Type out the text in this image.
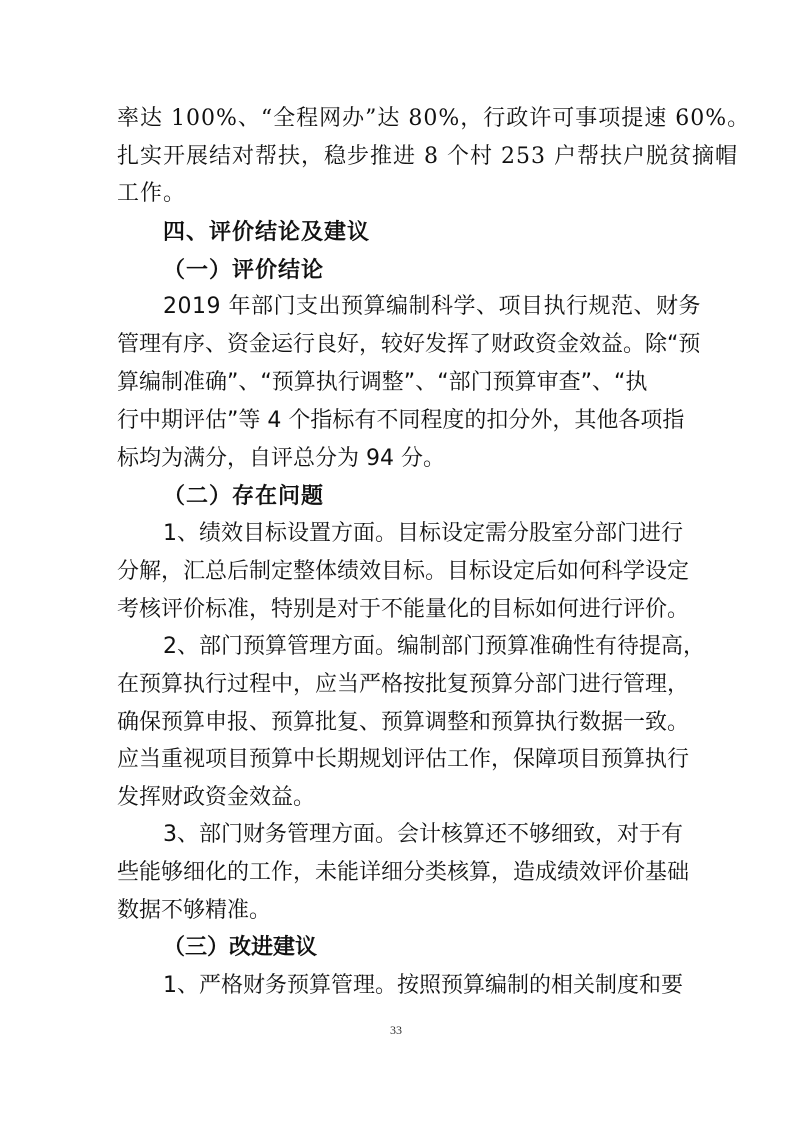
率达 100%、“全程网办”达 80%，行政许可事项提速 60%。
扎实开展结对帮扶，稳步推进 8 个村 253 户帮扶户脱贫摘帽
工作。
四、评价结论及建议
（一）评价结论
2019 年部门支出预算编制科学、项目执行规范、财务
管理有序、资金运行良好，较好发挥了财政资金效益。除“预
算编制准确”、“预算执行调整”、“部门预算审查”、“执
行中期评估”等 4 个指标有不同程度的扣分外，其他各项指
标均为满分，自评总分为 94 分。
（二）存在问题
1、绩效目标设置方面。目标设定需分股室分部门进行
分解，汇总后制定整体绩效目标。目标设定后如何科学设定
考核评价标准，特别是对于不能量化的目标如何进行评价。
2、部门预算管理方面。编制部门预算准确性有待提高，
在预算执行过程中，应当严格按批复预算分部门进行管理，
确保预算申报、预算批复、预算调整和预算执行数据一致。
应当重视项目预算中长期规划评估工作，保障项目预算执行
发挥财政资金效益。
3、部门财务管理方面。会计核算还不够细致，对于有
些能够细化的工作，未能详细分类核算，造成绩效评价基础
数据不够精准。
（三）改进建议
1、严格财务预算管理。按照预算编制的相关制度和要
33
